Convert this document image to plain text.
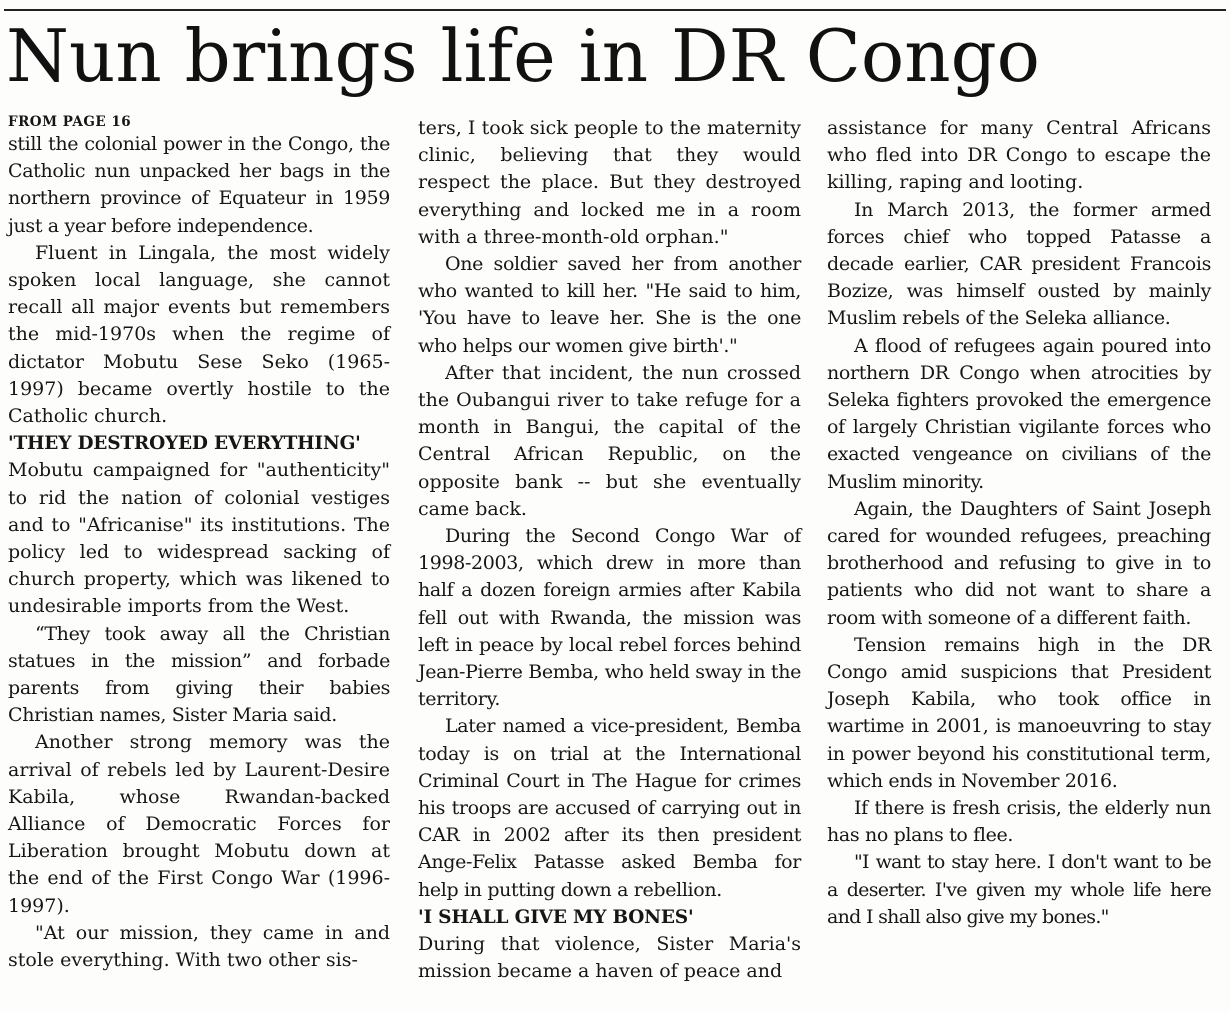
Nun brings life in DR Congo
FROM PAGE 16

still the colonial power in the Congo, the Catholic nun unpacked her bags in the northern province of Equateur in 1959 just a year before independence.

Fluent in Lingala, the most widely spoken local language, she cannot recall all major events but remembers the mid-1970s when the regime of dictator Mobutu Sese Seko (1965-1997) became overtly hostile to the Catholic church.

'THEY DESTROYED EVERYTHING'

Mobutu campaigned for "authenticity" to rid the nation of colonial vestiges and to "Africanise" its institutions. The policy led to widespread sacking of church property, which was likened to undesirable imports from the West.

“They took away all the Christian statues in the mission” and forbade parents from giving their babies Christian names, Sister Maria said.

Another strong memory was the arrival of rebels led by Laurent-Desire Kabila, whose Rwandan-backed Alliance of Democratic Forces for Liberation brought Mobutu down at the end of the First Congo War (1996-1997).

"At our mission, they came in and stole everything. With two other sis-

ters, I took sick people to the maternity clinic, believing that they would respect the place. But they destroyed everything and locked me in a room with a three-month-old orphan."

One soldier saved her from another who wanted to kill her. "He said to him, 'You have to leave her. She is the one who helps our women give birth'."

After that incident, the nun crossed the Oubangui river to take refuge for a month in Bangui, the capital of the Central African Republic, on the opposite bank -- but she eventually came back.

During the Second Congo War of 1998-2003, which drew in more than half a dozen foreign armies after Kabila fell out with Rwanda, the mission was left in peace by local rebel forces behind Jean-Pierre Bemba, who held sway in the territory.

Later named a vice-president, Bemba today is on trial at the International Criminal Court in The Hague for crimes his troops are accused of carrying out in CAR in 2002 after its then president Ange-Felix Patasse asked Bemba for help in putting down a rebellion.

'I SHALL GIVE MY BONES'

During that violence, Sister Maria's mission became a haven of peace and

assistance for many Central Africans who fled into DR Congo to escape the killing, raping and looting.

In March 2013, the former armed forces chief who topped Patasse a decade earlier, CAR president Francois Bozize, was himself ousted by mainly Muslim rebels of the Seleka alliance.

A flood of refugees again poured into northern DR Congo when atrocities by Seleka fighters provoked the emergence of largely Christian vigilante forces who exacted vengeance on civilians of the Muslim minority.

Again, the Daughters of Saint Joseph cared for wounded refugees, preaching brotherhood and refusing to give in to patients who did not want to share a room with someone of a different faith.

Tension remains high in the DR Congo amid suspicions that President Joseph Kabila, who took office in wartime in 2001, is manoeuvring to stay in power beyond his constitutional term, which ends in November 2016.

If there is fresh crisis, the elderly nun has no plans to flee.

"I want to stay here. I don't want to be a deserter. I've given my whole life here and I shall also give my bones."
